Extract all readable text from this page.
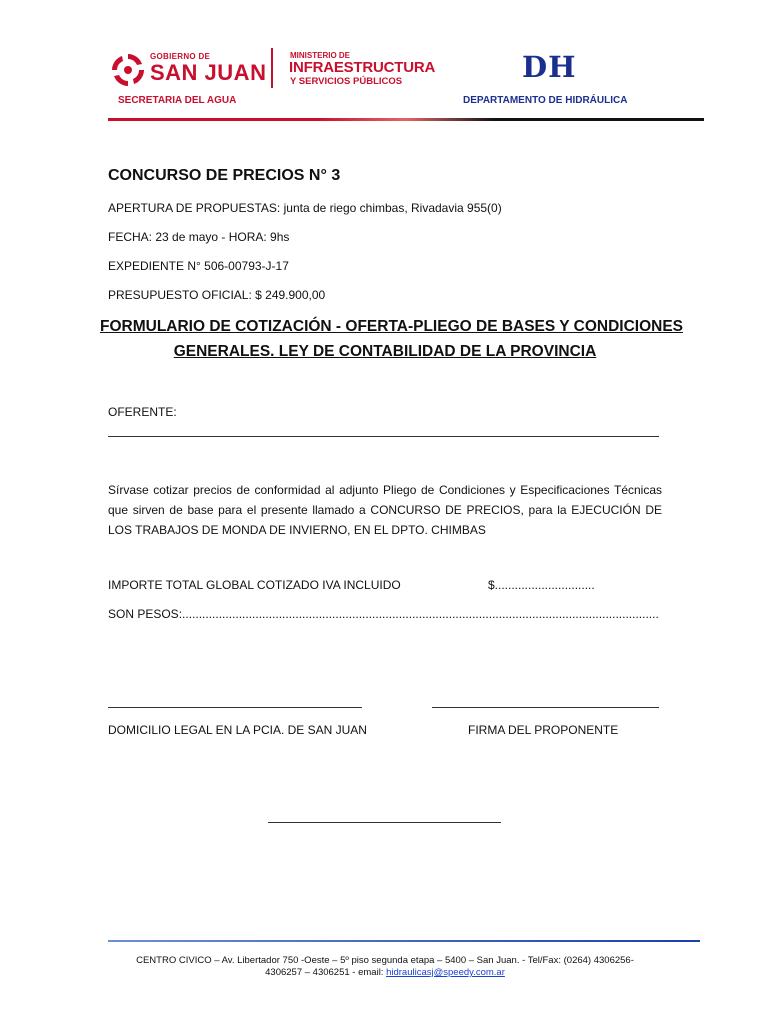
GOBIERNO DE
SAN JUAN
MINISTERIO DE
INFRAESTRUCTURA
Y SERVICIOS PÚBLICOS
SECRETARIA DEL AGUA
DH
DEPARTAMENTO DE HIDRÁULICA
CONCURSO DE PRECIOS N° 3
APERTURA DE PROPUESTAS: junta de riego chimbas, Rivadavia 955(0)
FECHA: 23 de mayo - HORA: 9hs
EXPEDIENTE N° 506-00793-J-17
PRESUPUESTO OFICIAL: $ 249.900,00
FORMULARIO DE COTIZACIÓN - OFERTA-PLIEGO DE BASES Y CONDICIONES
GENERALES. LEY DE CONTABILIDAD DE LA PROVINCIA
OFERENTE:
Sírvase cotizar precios de conformidad al adjunto Pliego de Condiciones y Especificaciones Técnicas que sirven de base para el presente llamado a CONCURSO DE PRECIOS, para la EJECUCIÓN DE LOS TRABAJOS DE MONDA DE INVIERNO, EN EL DPTO. CHIMBAS
IMPORTE TOTAL GLOBAL COTIZADO IVA INCLUIDO	$..............................
SON PESOS:...............................................................................................................................................
DOMICILIO LEGAL EN LA PCIA. DE SAN JUAN	FIRMA DEL PROPONENTE
CENTRO CIVICO – Av. Libertador 750 -Oeste – 5º piso segunda etapa – 5400 – San Juan. - Tel/Fax: (0264) 4306256-
4306257 – 4306251 - email: hidraulicasj@speedy.com.ar
